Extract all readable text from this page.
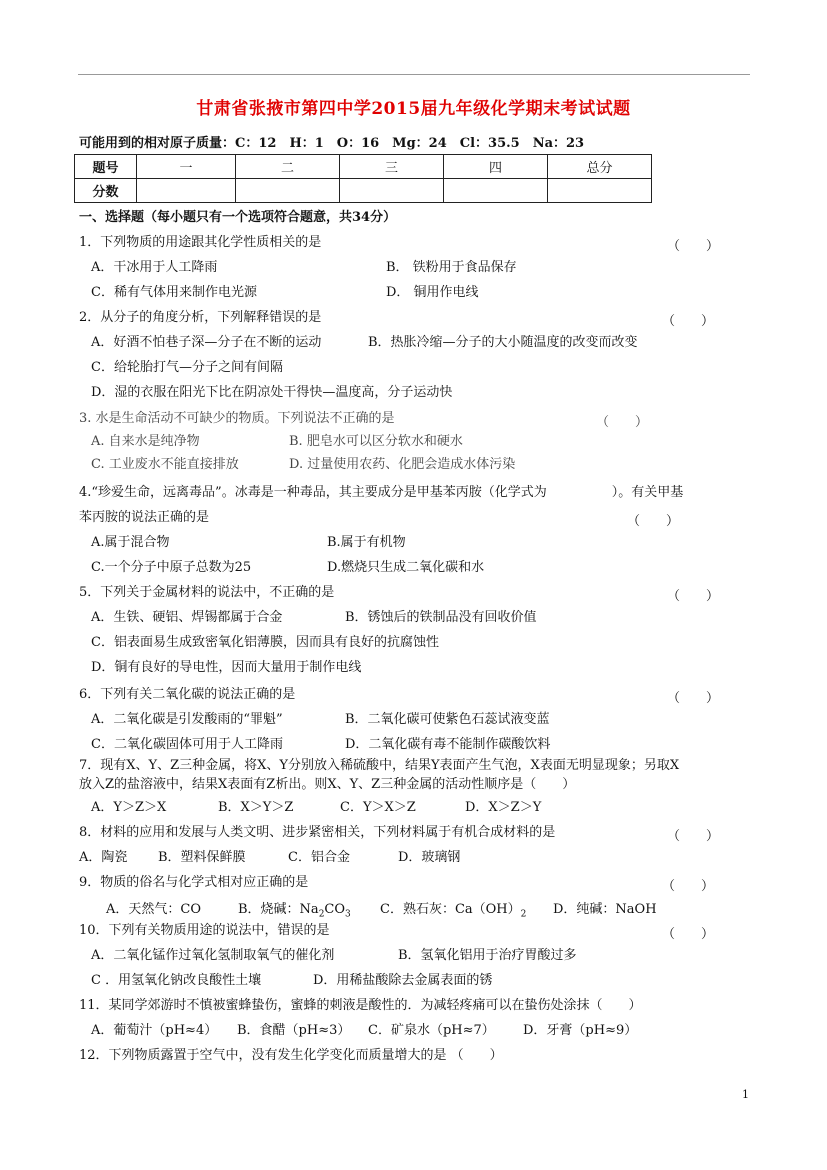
甘肃省张掖市第四中学2015届九年级化学期末考试试题
可能用到的相对原子质量：C：12　H：1　O：16　Mg：24　Cl：35.5　Na：23
题号	一	二	三	四	总分
分数					
一、选择题（每小题只有一个选项符合题意，共34分）
1．下列物质的用途跟其化学性质相关的是	（　　）
A．干冰用于人工降雨	B． 铁粉用于食品保存
C．稀有气体用来制作电光源	D． 铜用作电线
2．从分子的角度分析，下列解释错误的是	（　　）
A．好酒不怕巷子深—分子在不断的运动	B．热胀冷缩—分子的大小随温度的改变而改变
C．给轮胎打气—分子之间有间隔
D．湿的衣服在阳光下比在阴凉处干得快—温度高，分子运动快
3. 水是生命活动不可缺少的物质。下列说法不正确的是	（　　）
A. 自来水是纯净物	B. 肥皂水可以区分软水和硬水
C. 工业废水不能直接排放	D. 过量使用农药、化肥会造成水体污染
4.“珍爱生命，远离毒品”。冰毒是一种毒品，其主要成分是甲基苯丙胺（化学式为　　　　　）。有关甲基
苯丙胺的说法正确的是	（　　）
A.属于混合物	B.属于有机物
C.一个分子中原子总数为25	D.燃烧只生成二氧化碳和水
5．下列关于金属材料的说法中，不正确的是	（　　）
A．生铁、硬铝、焊锡都属于合金	B．锈蚀后的铁制品没有回收价值
C．铝表面易生成致密氧化铝薄膜，因而具有良好的抗腐蚀性
D．铜有良好的导电性，因而大量用于制作电线
6．下列有关二氧化碳的说法正确的是	（　　）
A．二氧化碳是引发酸雨的“罪魁”	B．二氧化碳可使紫色石蕊试液变蓝
C．二氧化碳固体可用于人工降雨	D．二氧化碳有毒不能制作碳酸饮料
7．现有X、Y、Z三种金属，将X、Y分别放入稀硫酸中，结果Y表面产生气泡，X表面无明显现象；另取X
放入Z的盐溶液中，结果X表面有Z析出。则X、Y、Z三种金属的活动性顺序是（　　）
A．Y＞Z＞X	B．X＞Y＞Z	C．Y＞X＞Z	D．X＞Z＞Y
8．材料的应用和发展与人类文明、进步紧密相关，下列材料属于有机合成材料的是	（　　）
A．陶瓷 B．塑料保鲜膜	C．铝合金	D．玻璃钢
9．物质的俗名与化学式相对应正确的是	（　　）
A．天然气：CO	B．烧碱：$Na_2CO_3$ C．熟石灰：$Ca(OH)_2$ D．纯碱：NaOH
10．下列有关物质用途的说法中，错误的是	（　　）
A．二氧化锰作过氧化氢制取氧气的催化剂	B．氢氧化铝用于治疗胃酸过多
C ．用氢氧化钠改良酸性土壤	D．用稀盐酸除去金属表面的锈
11．某同学郊游时不慎被蜜蜂蛰伤，蜜蜂的刺液是酸性的．为减轻疼痛可以在蛰伤处涂抹（　　）
A．葡萄汁（pH≈4） B．食醋（pH≈3） C．矿泉水（pH≈7） D．牙膏（pH≈9）
12．下列物质露置于空气中，没有发生化学变化而质量增大的是 （　　）
1
